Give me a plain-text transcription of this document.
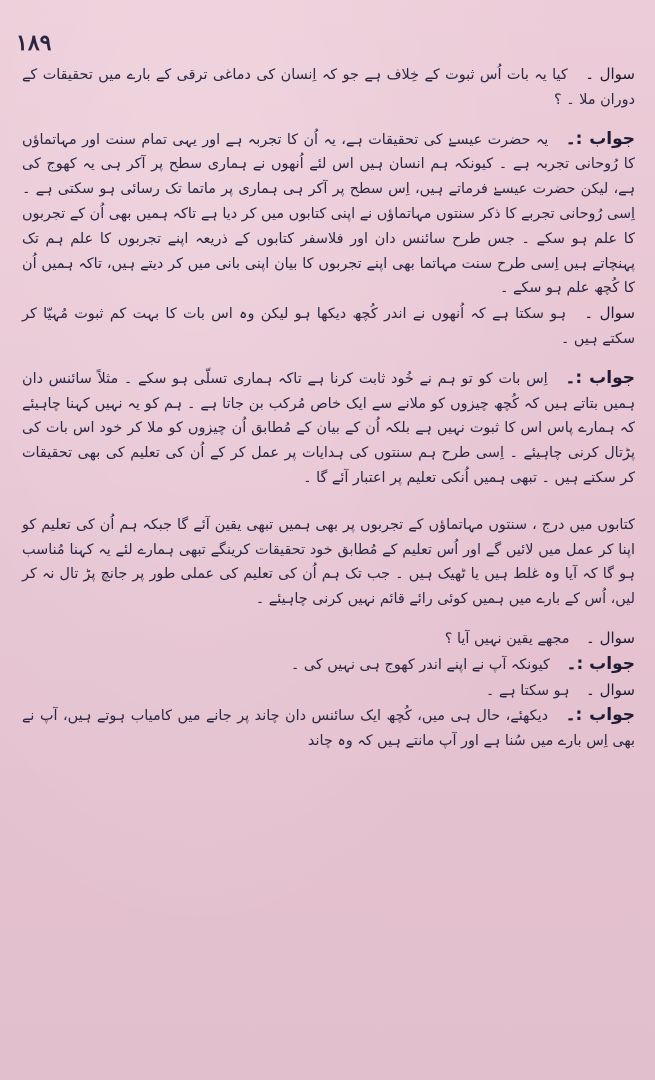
۱۸۹

سوال ۔ کیا یہ بات اُس ثبوت کے خِلاف ہے جو کہ اِنسان کی دماغی ترقی کے بارے میں تحقیقات کے دوران ملا ۔ ؟

جواب :۔ یہ حضرت عیسےٰ کی تحقیقات ہے، یہ اُن کا تجربہ ہے اور یہی تمام سنت اور مہاتماؤں کا رُوحانی تجربہ ہے ۔ کیونکہ ہم انسان ہیں اس لئے اُنھوں نے ہماری سطح پر آکر ہی یہ کھوج کی ہے، لیکن حضرت عیسےٰ فرماتے ہیں، اِس سطح پر آکر ہی ہماری پر ماتما تک رسائی ہو سکتی ہے ۔ اِسی رُوحانی تجربے کا ذکر سنتوں مہاتماؤں نے اپنی کتابوں میں کر دیا ہے تاکہ ہمیں بھی اُن کے تجربوں کا علم ہو سکے ۔ جس طرح سائنس دان اور فلاسفر کتابوں کے ذریعہ اپنے تجربوں کا علم ہم تک پہنچاتے ہیں اِسی طرح سنت مہاتما بھی اپنے تجربوں کا بیان اپنی بانی میں کر دیتے ہیں، تاکہ ہمیں اُن کا کُچھ علم ہو سکے ۔

سوال ۔ ہو سکتا ہے کہ اُنھوں نے اندر کُچھ دیکھا ہو لیکن وہ اس بات کا بہت کم ثبوت مُہیّا کر سکتے ہیں ۔

جواب :۔ اِس بات کو تو ہم نے خُود ثابت کرنا ہے تاکہ ہماری تسلّی ہو سکے ۔ مثلاً سائنس دان ہمیں بتاتے ہیں کہ کُچھ چیزوں کو ملانے سے ایک خاص مُرکب بن جاتا ہے ۔ ہم کو یہ نہیں کہنا چاہیئے کہ ہمارے پاس اس کا ثبوت نہیں ہے بلکہ اُن کے بیان کے مُطابق اُن چیزوں کو ملا کر خود اس بات کی پڑتال کرنی چاہیئے ۔ اِسی طرح ہم سنتوں کی ہدایات پر عمل کر کے اُن کی تعلیم کی بھی تحقیقات کر سکتے ہیں ۔ تبھی ہمیں اُنکی تعلیم پر اعتبار آئے گا ۔

کتابوں میں درج ، سنتوں مہاتماؤں کے تجربوں پر بھی ہمیں تبھی یقین آئے گا جبکہ ہم اُن کی تعلیم کو اپنا کر عمل میں لائیں گے اور اُس تعلیم کے مُطابق خود تحقیقات کرینگے تبھی ہمارے لئے یہ کہنا مُناسب ہو گا کہ آیا وہ غلط ہیں یا ٹھیک ہیں ۔ جب تک ہم اُن کی تعلیم کی عملی طور پر جانچ پڑ تال نہ کر لیں، اُس کے بارے میں ہمیں کوئی رائے قائم نہیں کرنی چاہیئے ۔

سوال ۔ مجھے یقین نہیں آیا ؟

جواب :۔ کیونکہ آپ نے اپنے اندر کھوج ہی نہیں کی ۔

سوال ۔ ہو سکتا ہے ۔

جواب :۔ دیکھئے، حال ہی میں، کُچھ ایک سائنس دان چاند پر جانے میں کامیاب ہوتے ہیں، آپ نے بھی اِس بارے میں سُنا ہے اور آپ مانتے ہیں کہ وہ چاند
